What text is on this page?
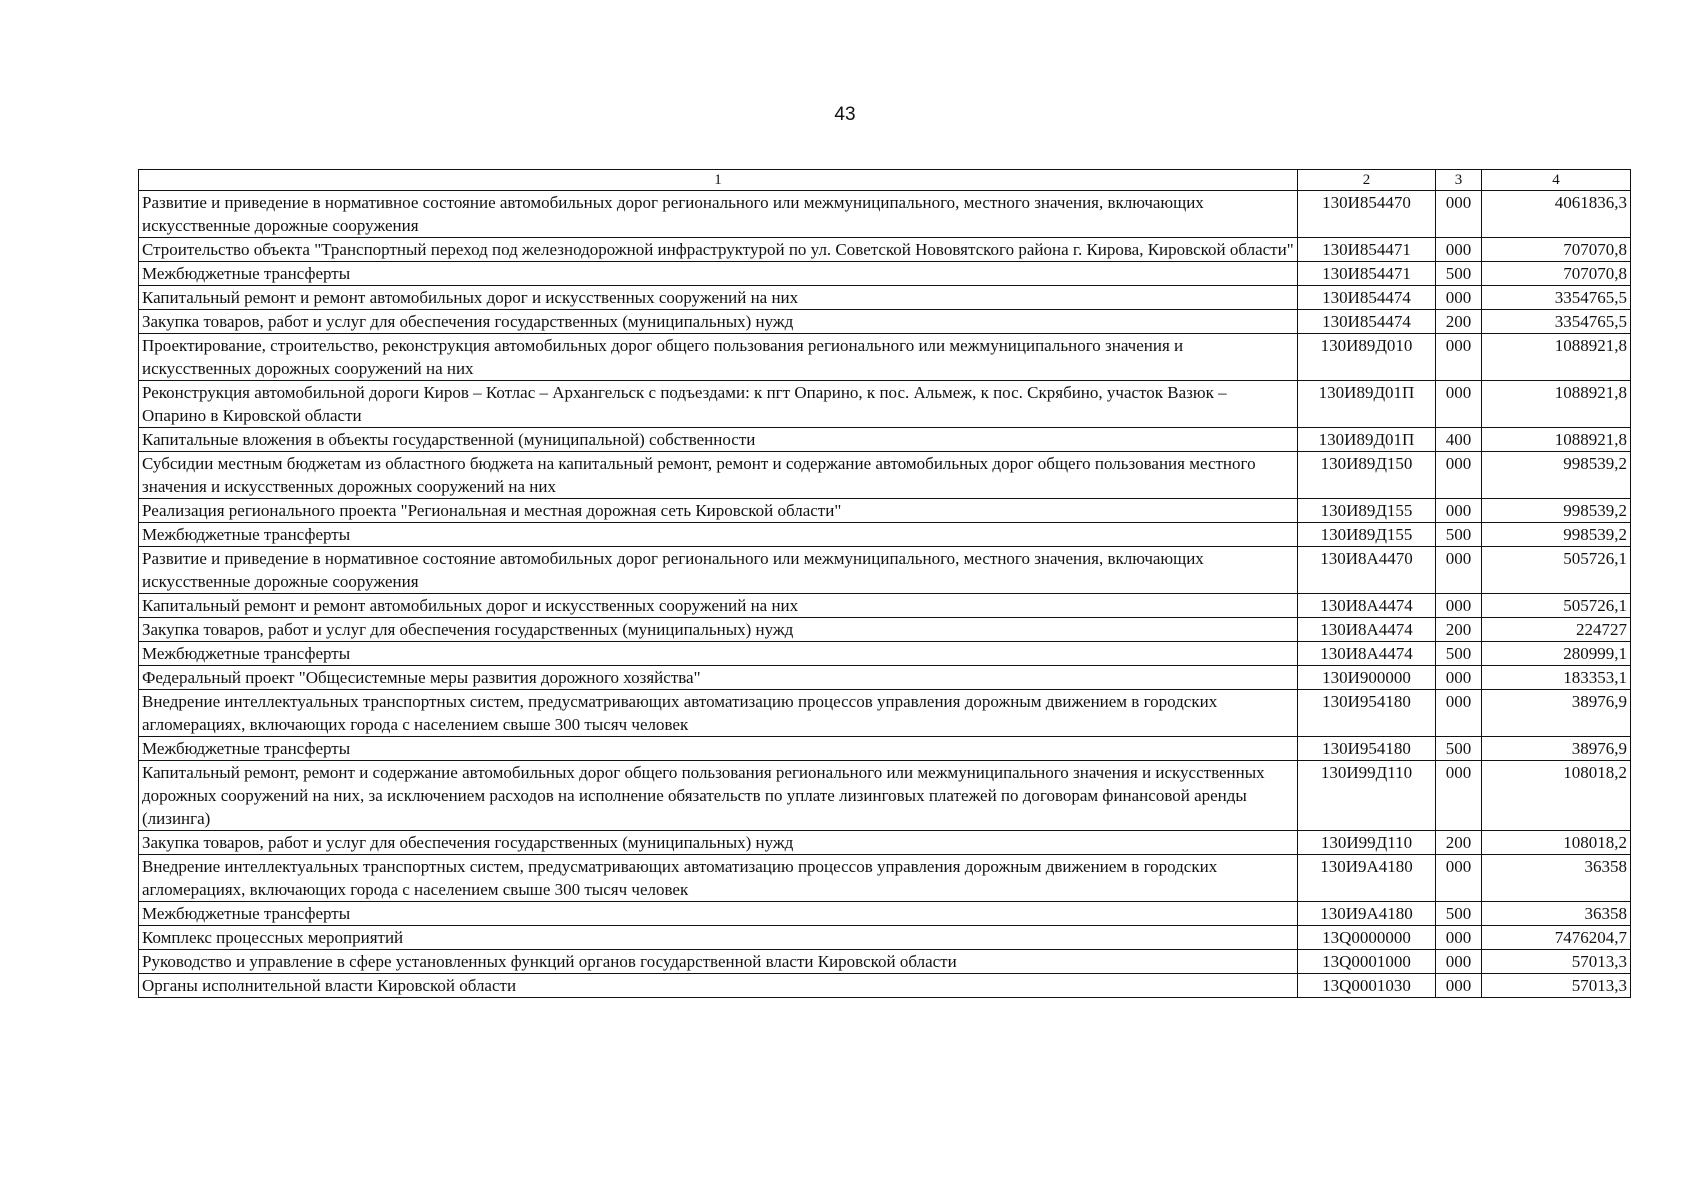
43
1	2	3	4
Развитие и приведение в нормативное состояние автомобильных дорог регионального или межмуниципального, местного значения, включающих искусственные дорожные сооружения	130И854470	000	4061836,3
Строительство объекта "Транспортный переход под железнодорожной инфраструктурой по ул. Советской Нововятского района г. Кирова, Кировской области"	130И854471	000	707070,8
Межбюджетные трансферты	130И854471	500	707070,8
Капитальный ремонт и ремонт автомобильных дорог и искусственных сооружений на них	130И854474	000	3354765,5
Закупка товаров, работ и услуг для обеспечения государственных (муниципальных) нужд	130И854474	200	3354765,5
Проектирование, строительство, реконструкция автомобильных дорог общего пользования регионального или межмуниципального значения и искусственных дорожных сооружений на них	130И89Д010	000	1088921,8
Реконструкция автомобильной дороги Киров – Котлас – Архангельск с подъездами: к пгт Опарино, к пос. Альмеж, к пос. Скрябино, участок Вазюк – Опарино в Кировской области	130И89Д01П	000	1088921,8
Капитальные вложения в объекты государственной (муниципальной) собственности	130И89Д01П	400	1088921,8
Субсидии местным бюджетам из областного бюджета на капитальный ремонт, ремонт и содержание автомобильных дорог общего пользования местного значения и искусственных дорожных сооружений на них	130И89Д150	000	998539,2
Реализация регионального проекта "Региональная и местная дорожная сеть Кировской области"	130И89Д155	000	998539,2
Межбюджетные трансферты	130И89Д155	500	998539,2
Развитие и приведение в нормативное состояние автомобильных дорог регионального или межмуниципального, местного значения, включающих искусственные дорожные сооружения	130И8А4470	000	505726,1
Капитальный ремонт и ремонт автомобильных дорог и искусственных сооружений на них	130И8А4474	000	505726,1
Закупка товаров, работ и услуг для обеспечения государственных (муниципальных) нужд	130И8А4474	200	224727
Межбюджетные трансферты	130И8А4474	500	280999,1
Федеральный проект "Общесистемные меры развития дорожного хозяйства"	130И900000	000	183353,1
Внедрение интеллектуальных транспортных систем, предусматривающих автоматизацию процессов управления дорожным движением в городских агломерациях, включающих города с населением свыше 300 тысяч человек	130И954180	000	38976,9
Межбюджетные трансферты	130И954180	500	38976,9
Капитальный ремонт, ремонт и содержание автомобильных дорог общего пользования регионального или межмуниципального значения и искусственных дорожных сооружений на них, за исключением расходов на исполнение обязательств по уплате лизинговых платежей по договорам финансовой аренды (лизинга)	130И99Д110	000	108018,2
Закупка товаров, работ и услуг для обеспечения государственных (муниципальных) нужд	130И99Д110	200	108018,2
Внедрение интеллектуальных транспортных систем, предусматривающих автоматизацию процессов управления дорожным движением в городских агломерациях, включающих города с населением свыше 300 тысяч человек	130И9А4180	000	36358
Межбюджетные трансферты	130И9А4180	500	36358
Комплекс процессных мероприятий	13Q0000000	000	7476204,7
Руководство и управление в сфере установленных функций органов государственной власти Кировской области	13Q0001000	000	57013,3
Органы исполнительной власти Кировской области	13Q0001030	000	57013,3
